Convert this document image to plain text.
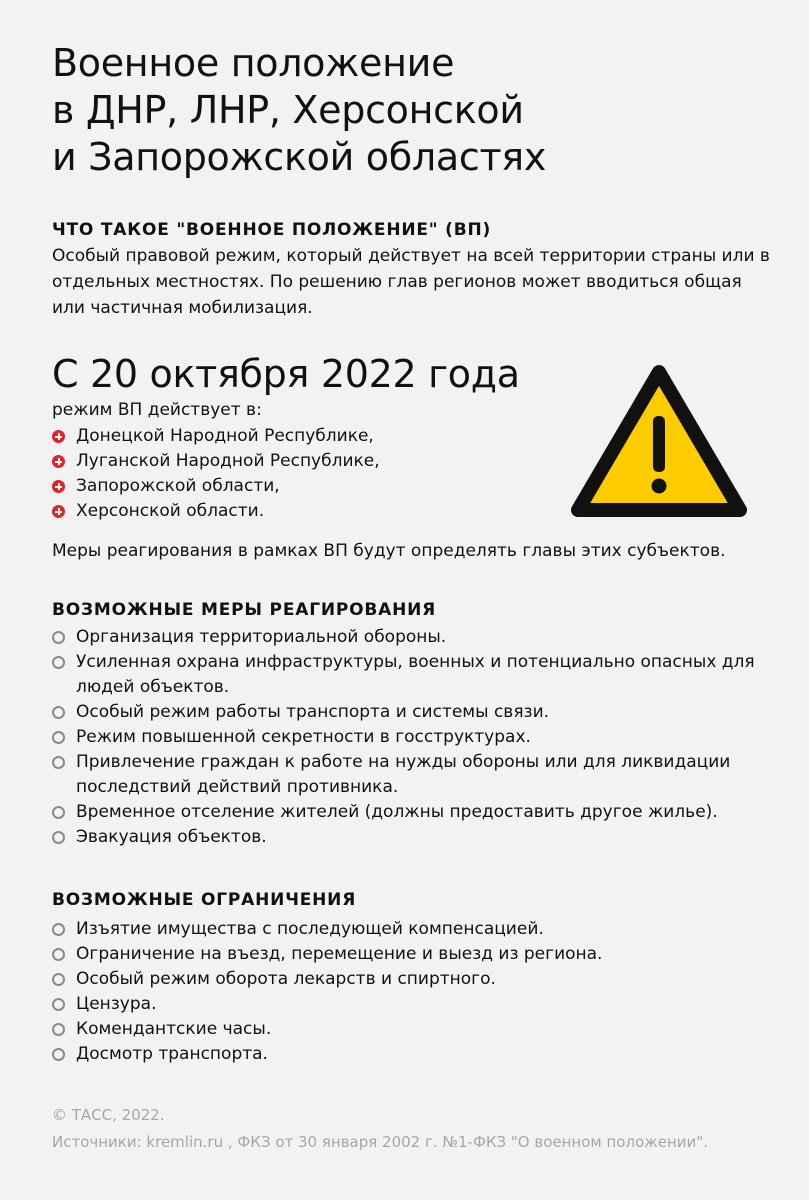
Военное положение
в ДНР, ЛНР, Херсонской
и Запорожской областях
ЧТО ТАКОЕ "ВОЕННОЕ ПОЛОЖЕНИЕ" (ВП)

Особый правовой режим, который действует на всей территории страны или в отдельных местностях. По решению глав регионов может вводиться общая или частичная мобилизация.

С 20 октября 2022 года

режим ВП действует в:

Донецкой Народной Республике,
Луганской Народной Республике,
Запорожской области,
Херсонской области.

Меры реагирования в рамках ВП будут определять главы этих субъектов.

ВОЗМОЖНЫЕ МЕРЫ РЕАГИРОВАНИЯ
Организация территориальной обороны.
Усиленная охрана инфраструктуры, военных и потенциально опасных для людей объектов.
Особый режим работы транспорта и системы связи.
Режим повышенной секретности в госструктурах.
Привлечение граждан к работе на нужды обороны или для ликвидации последствий действий противника.
Временное отселение жителей (должны предоставить другое жилье).
Эвакуация объектов.
ВОЗМОЖНЫЕ ОГРАНИЧЕНИЯ
Изъятие имущества с последующей компенсацией.
Ограничение на въезд, перемещение и выезд из региона.
Особый режим оборота лекарств и спиртного.
Цензура.
Комендантские часы.
Досмотр транспорта.

© ТАСС, 2022.

Источники: kremlin.ru , ФКЗ от 30 января 2002 г. №1-ФКЗ "О военном положении".
